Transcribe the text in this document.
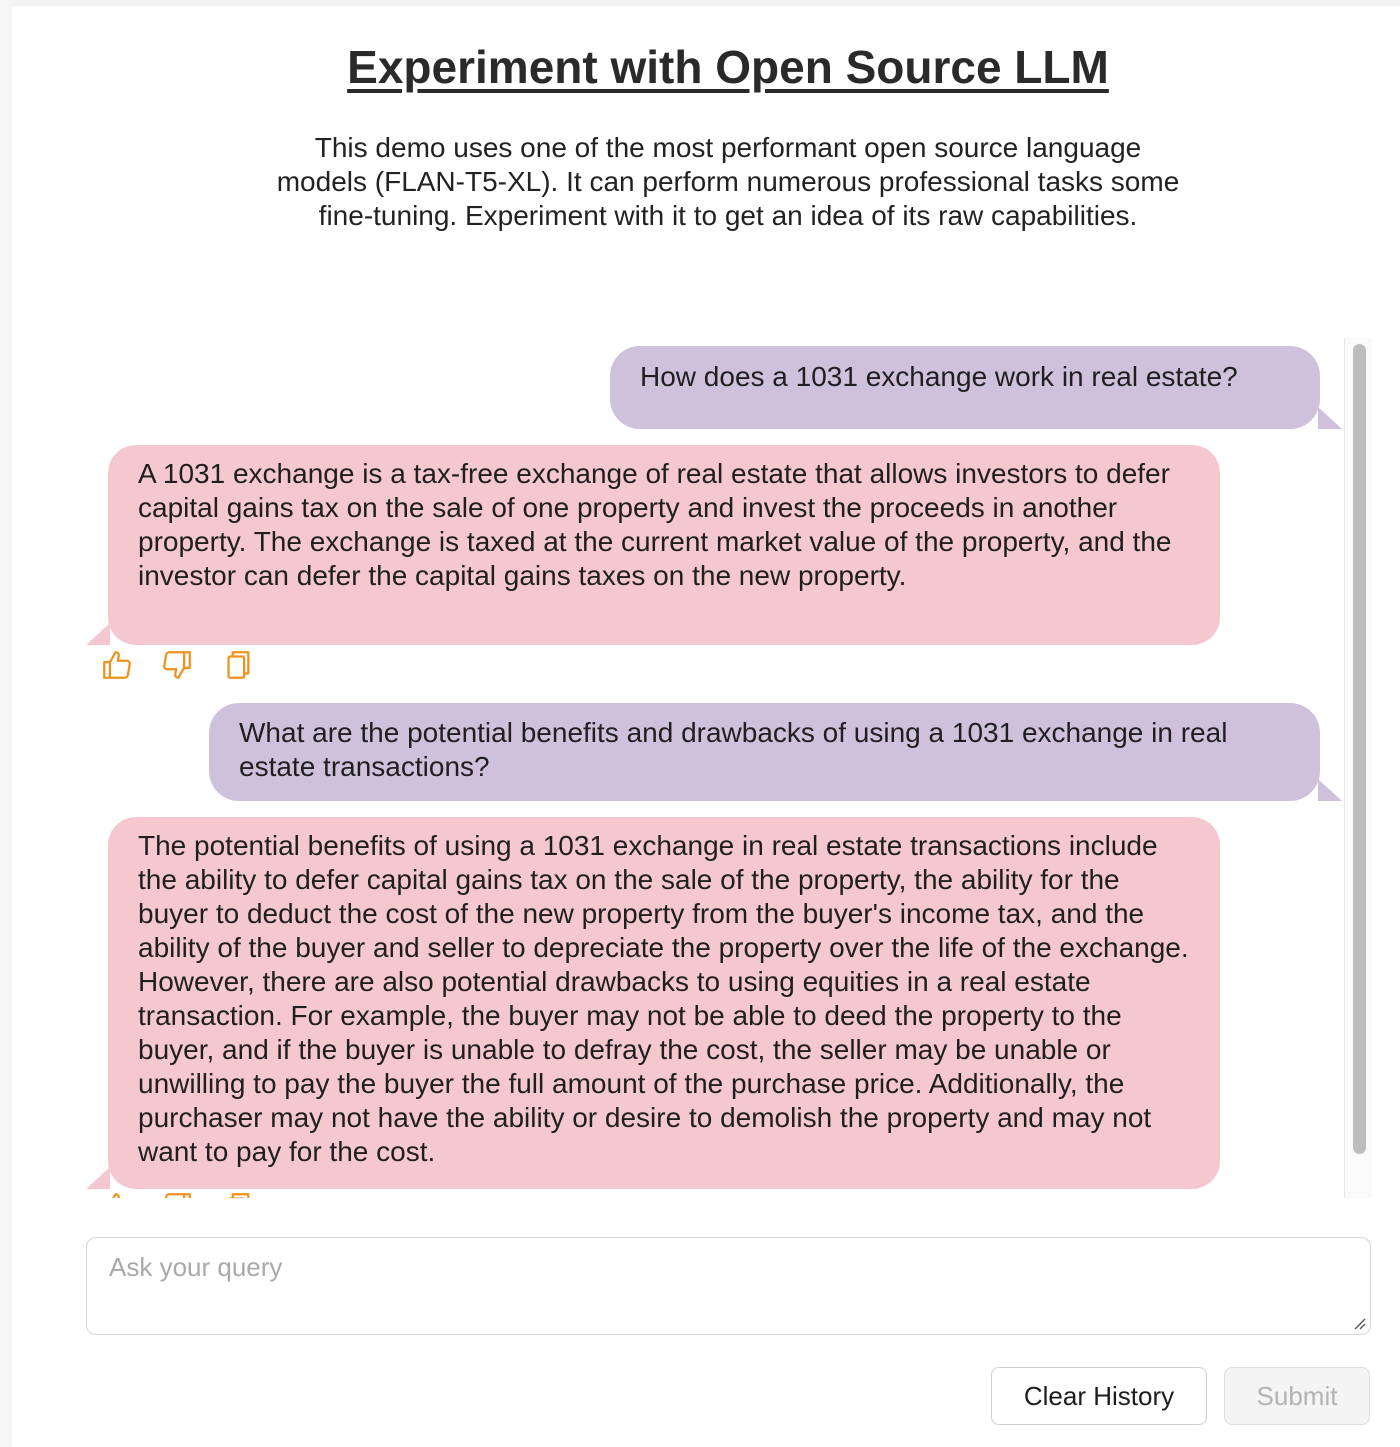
Experiment with Open Source LLM
This demo uses one of the most performant open source language models (FLAN-T5-XL). It can perform numerous professional tasks some fine-tuning. Experiment with it to get an idea of its raw capabilities.
How does a 1031 exchange work in real estate?
A 1031 exchange is a tax-free exchange of real estate that allows investors to defer capital gains tax on the sale of one property and invest the proceeds in another property. The exchange is taxed at the current market value of the property, and the investor can defer the capital gains taxes on the new property.
What are the potential benefits and drawbacks of using a 1031 exchange in real estate transactions?
The potential benefits of using a 1031 exchange in real estate transactions include the ability to defer capital gains tax on the sale of the property, the ability for the buyer to deduct the cost of the new property from the buyer's income tax, and the ability of the buyer and seller to depreciate the property over the life of the exchange. However, there are also potential drawbacks to using equities in a real estate transaction. For example, the buyer may not be able to deed the property to the buyer, and if the buyer is unable to defray the cost, the seller may be unable or unwilling to pay the buyer the full amount of the purchase price. Additionally, the purchaser may not have the ability or desire to demolish the property and may not want to pay for the cost.
Ask your query
Clear History	Submit
